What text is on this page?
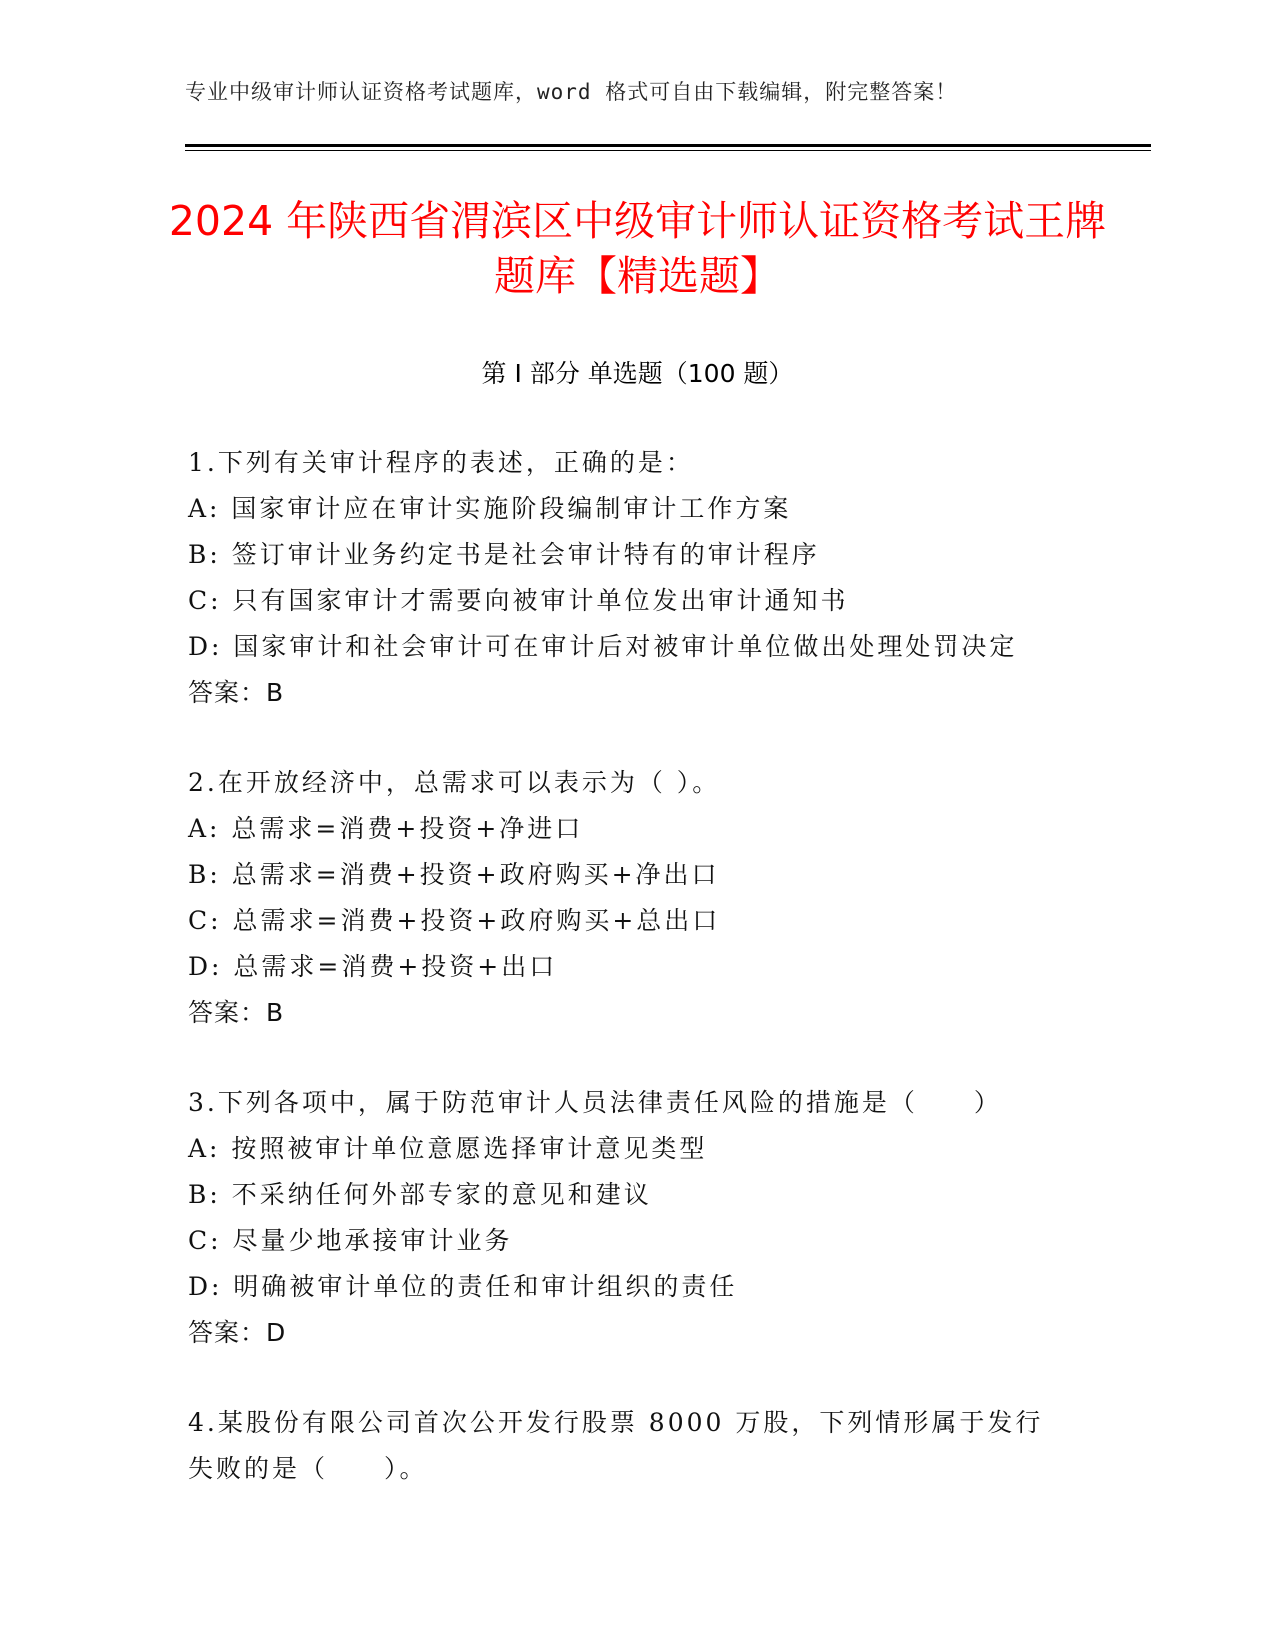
专业中级审计师认证资格考试题库，word 格式可自由下载编辑，附完整答案！
2024 年陕西省渭滨区中级审计师认证资格考试王牌题库【精选题】
第 I 部分 单选题（100 题）
1.下列有关审计程序的表述，正确的是：
A: 国家审计应在审计实施阶段编制审计工作方案
B: 签订审计业务约定书是社会审计特有的审计程序
C: 只有国家审计才需要向被审计单位发出审计通知书
D: 国家审计和社会审计可在审计后对被审计单位做出处理处罚决定
答案：B
2.在开放经济中，总需求可以表示为（ ）。
A: 总需求=消费+投资+净进口
B: 总需求=消费+投资+政府购买+净出口
C: 总需求=消费+投资+政府购买+总出口
D: 总需求=消费+投资+出口
答案：B
3.下列各项中，属于防范审计人员法律责任风险的措施是（　　）
A: 按照被审计单位意愿选择审计意见类型
B: 不采纳任何外部专家的意见和建议
C: 尽量少地承接审计业务
D: 明确被审计单位的责任和审计组织的责任
答案：D
4.某股份有限公司首次公开发行股票 8000 万股，下列情形属于发行失败的是（　　）。
